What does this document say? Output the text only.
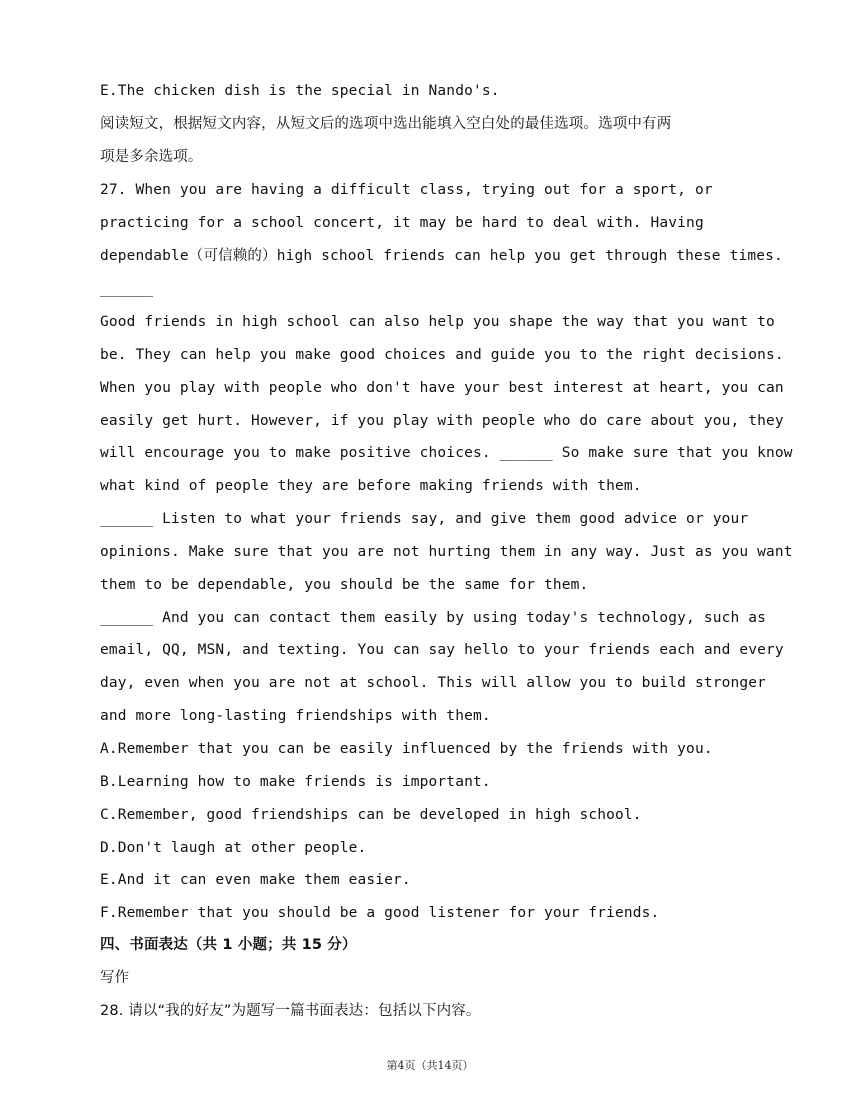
E.The chicken dish is the special in Nando's.
阅读短文，根据短文内容，从短文后的选项中选出能填入空白处的最佳选项。选项中有两
项是多余选项。
27. When you are having a difficult class, trying out for a sport, or
practicing for a school concert, it may be hard to deal with. Having
dependable（可信赖的）high school friends can help you get through these times.
______
Good friends in high school can also help you shape the way that you want to
be. They can help you make good choices and guide you to the right decisions.
When you play with people who don't have your best interest at heart, you can
easily get hurt. However, if you play with people who do care about you, they
will encourage you to make positive choices. ______ So make sure that you know
what kind of people they are before making friends with them.
______ Listen to what your friends say, and give them good advice or your
opinions. Make sure that you are not hurting them in any way. Just as you want
them to be dependable, you should be the same for them.
______ And you can contact them easily by using today's technology, such as
email, QQ, MSN, and texting. You can say hello to your friends each and every
day, even when you are not at school. This will allow you to build stronger
and more long-lasting friendships with them.
A.Remember that you can be easily influenced by the friends with you.
B.Learning how to make friends is important.
C.Remember, good friendships can be developed in high school.
D.Don't laugh at other people.
E.And it can even make them easier.
F.Remember that you should be a good listener for your friends.
四、书面表达（共 1 小题；共 15 分）
写作
28. 请以“我的好友”为题写一篇书面表达：包括以下内容。
第4页（共14页）
